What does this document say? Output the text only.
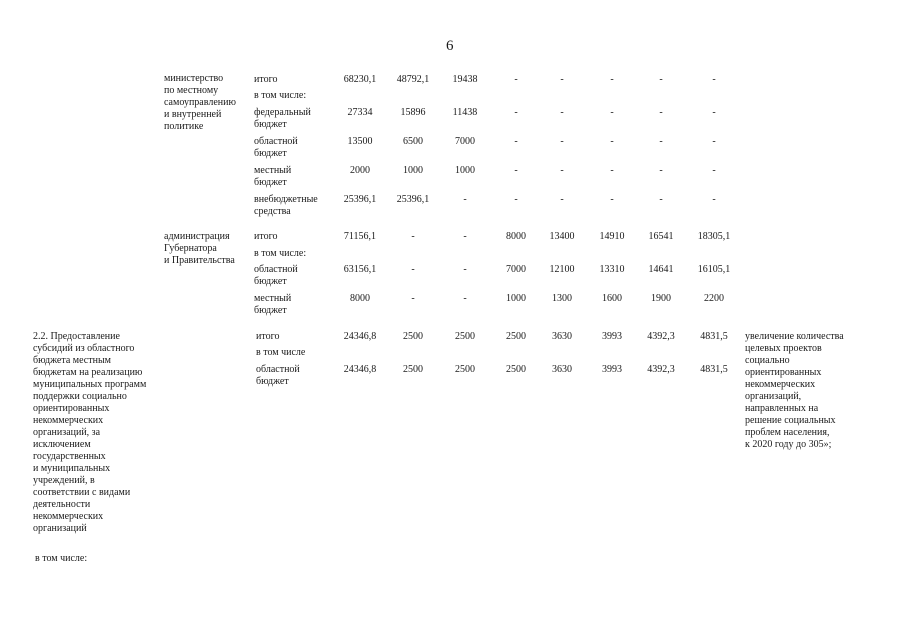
6
министерство
по местному
самоуправлению
и внутренней
политике
итого	68230,1	48792,1	19438	-	-	-	-	-
в том числе:
федеральный
бюджет
27334	15896	11438	-	-	-	-	-
областной
бюджет
13500	6500	7000	-	-	-	-	-
местный
бюджет
2000	1000	1000	-	-	-	-	-
внебюджетные
средства
25396,1	25396,1	-	-	-	-	-	-
администрация
Губернатора
и Правительства
итого	71156,1	-	-	8000	13400	14910	16541	18305,1
в том числе:
областной
бюджет
63156,1	-	-	7000	12100	13310	14641	16105,1
местный
бюджет
8000	-	-	1000	1300	1600	1900	2200
2.2. Предоставление
субсидий из областного
бюджета местным
бюджетам на реализацию
муниципальных программ
поддержки социально
ориентированных
некоммерческих
организаций, за
исключением
государственных
и муниципальных
учреждений, в
соответствии с видами
деятельности
некоммерческих
организаций
увеличение количества
целевых проектов
социально
ориентированных
некоммерческих
организаций,
направленных на
решение социальных
проблем населения,
к 2020 году до 305»;
итого	24346,8	2500	2500	2500	3630	3993	4392,3	4831,5
в том числе
областной
бюджет
24346,8	2500	2500	2500	3630	3993	4392,3	4831,5
в том числе:
